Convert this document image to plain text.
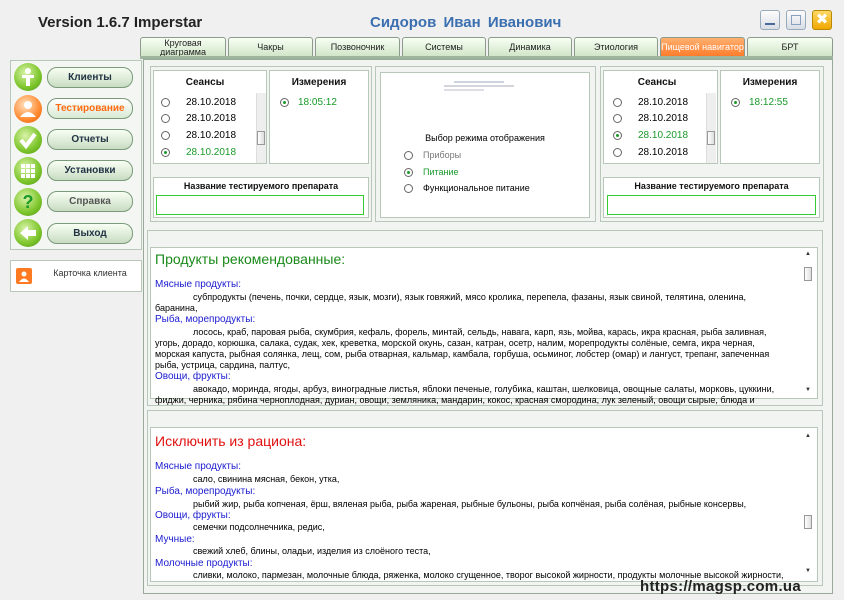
Version 1.6.7 Imperstar	Сидоров Иван Иванович	✖
Круговая диаграмма	Чакры	Позвоночник	Системы	Динамика	Этиология	Пищевой навигатор	БРТ
Клиенты
Тестирование
Отчеты
Установки
?	Справка
Выход
Карточка клиента
Сеансы
28.10.2018
28.10.2018
28.10.2018
28.10.2018
Измерения
18:05:12
Название тестируемого препарата
Выбор режима отображения
Приборы
Питание
Функциональное питание
Сеансы
28.10.2018
28.10.2018
28.10.2018
28.10.2018
Измерения
18:12:55
Название тестируемого препарата
Продукты рекомендованные:
Мясные продукты:
субпродукты (печень, почки, сердце, язык, мозги), язык говяжий, мясо кролика, перепела, фазаны, язык свиной, телятина, оленина,
баранина,
Рыба, морепродукты:
лосось, краб, паровая рыба, скумбрия, кефаль, форель, минтай, сельдь, навага, карп, язь, мойва, карась, икра красная, рыба заливная,
угорь, дорадо, корюшка, салака, судак, хек, креветка, морской окунь, сазан, катран, осетр, налим, морепродукты солёные, семга, икра черная,
морская капуста, рыбная солянка, лещ, сом, рыба отварная, кальмар, камбала, горбуша, осьминог, лобстер (омар) и лангуст, трепанг, запеченная
рыба, устрица, сардина, палтус,
Овощи, фрукты:
авокадо, моринда, ягоды, арбуз, виноградные листья, яблоки печеные, голубика, каштан, шелковица, овощные салаты, морковь, цуккини,
фиджи, черника, рябина черноплодная, дуриан, овощи, земляника, мандарин, кокос, красная смородина, лук зеленый, овощи сырые, блюда и
▲
▼
Исключить из рациона:
Мясные продукты:
сало, свинина мясная, бекон, утка,
Рыба, морепродукты:
рыбий жир, рыба копченая, ёрш, вяленая рыба, рыба жареная, рыбные бульоны, рыба копчёная, рыба солёная, рыбные консервы,
Овощи, фрукты:
семечки подсолнечника, редис,
Мучные:
свежий хлеб, блины, оладьи, изделия из слоёного теста,
Молочные продукты:
сливки, молоко, пармезан, молочные блюда, ряженка, молоко сгущенное, творог высокой жирности, продукты молочные высокой жирности,
▲
▼
https://magsp.com.ua
